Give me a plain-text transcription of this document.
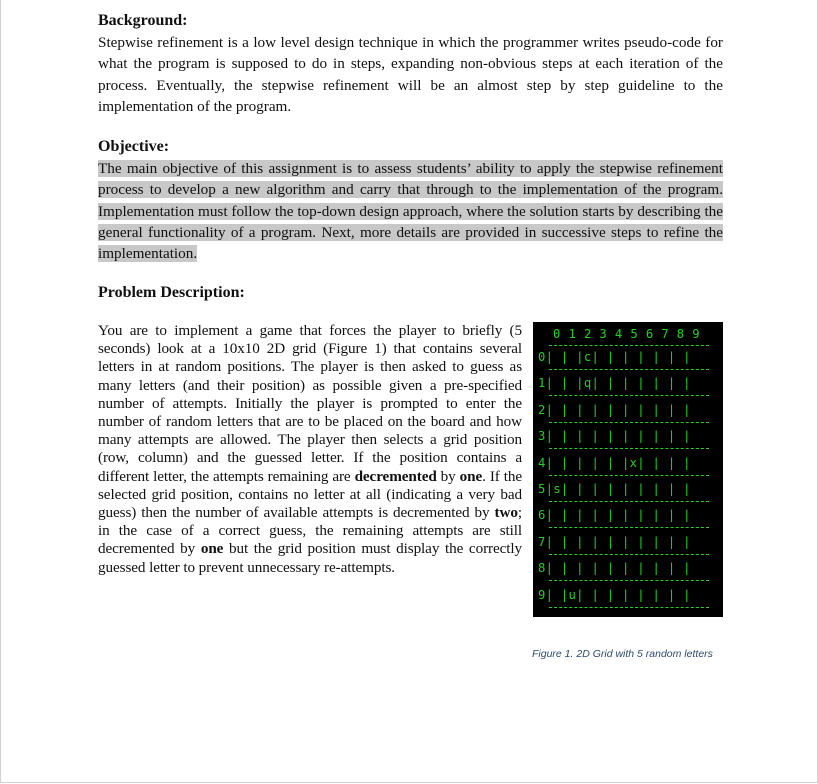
Background:

Stepwise refinement is a low level design technique in which the programmer writes pseudo-code for what the program is supposed to do in steps, expanding non-obvious steps at each iteration of the process. Eventually, the stepwise refinement will be an almost step by step guideline to the implementation of the program.

Objective:

The main objective of this assignment is to assess students’ ability to apply the stepwise refinement process to develop a new algorithm and carry that through to the implementation of the program. Implementation must follow the top-down design approach, where the solution starts by describing the general functionality of a program. Next, more details are provided in successive steps to refine the implementation.

Problem Description:
You are to implement a game that forces the player to briefly (5 seconds) look at a 10x10 2D grid (Figure 1) that contains several letters in at random positions. The player is then asked to guess as many letters (and their position) as possible given a pre-specified number of attempts. Initially the player is prompted to enter the number of random letters that are to be placed on the board and how many attempts are allowed. The player then selects a grid position (row, column) and the guessed letter. If the position contains a different letter, the attempts remaining are decremented by one. If the selected grid position, contains no letter at all (indicating a very bad guess) then the number of available attempts is decremented by two; in the case of a correct guess, the remaining attempts are still decremented by one but the grid position must display the correctly guessed letter to prevent unnecessary re-attempts.
0 1 2 3 4 5 6 7 8 9
0| | |c| | | | | | |
1| | |q| | | | | | |
2| | | | | | | | | |
3| | | | | | | | | |
4| | | | | |x| | | |
5|s| | | | | | | | |
6| | | | | | | | | |
7| | | | | | | | | |
8| | | | | | | | | |
9| |u| | | | | | | |
Figure 1. 2D Grid with 5 random letters
